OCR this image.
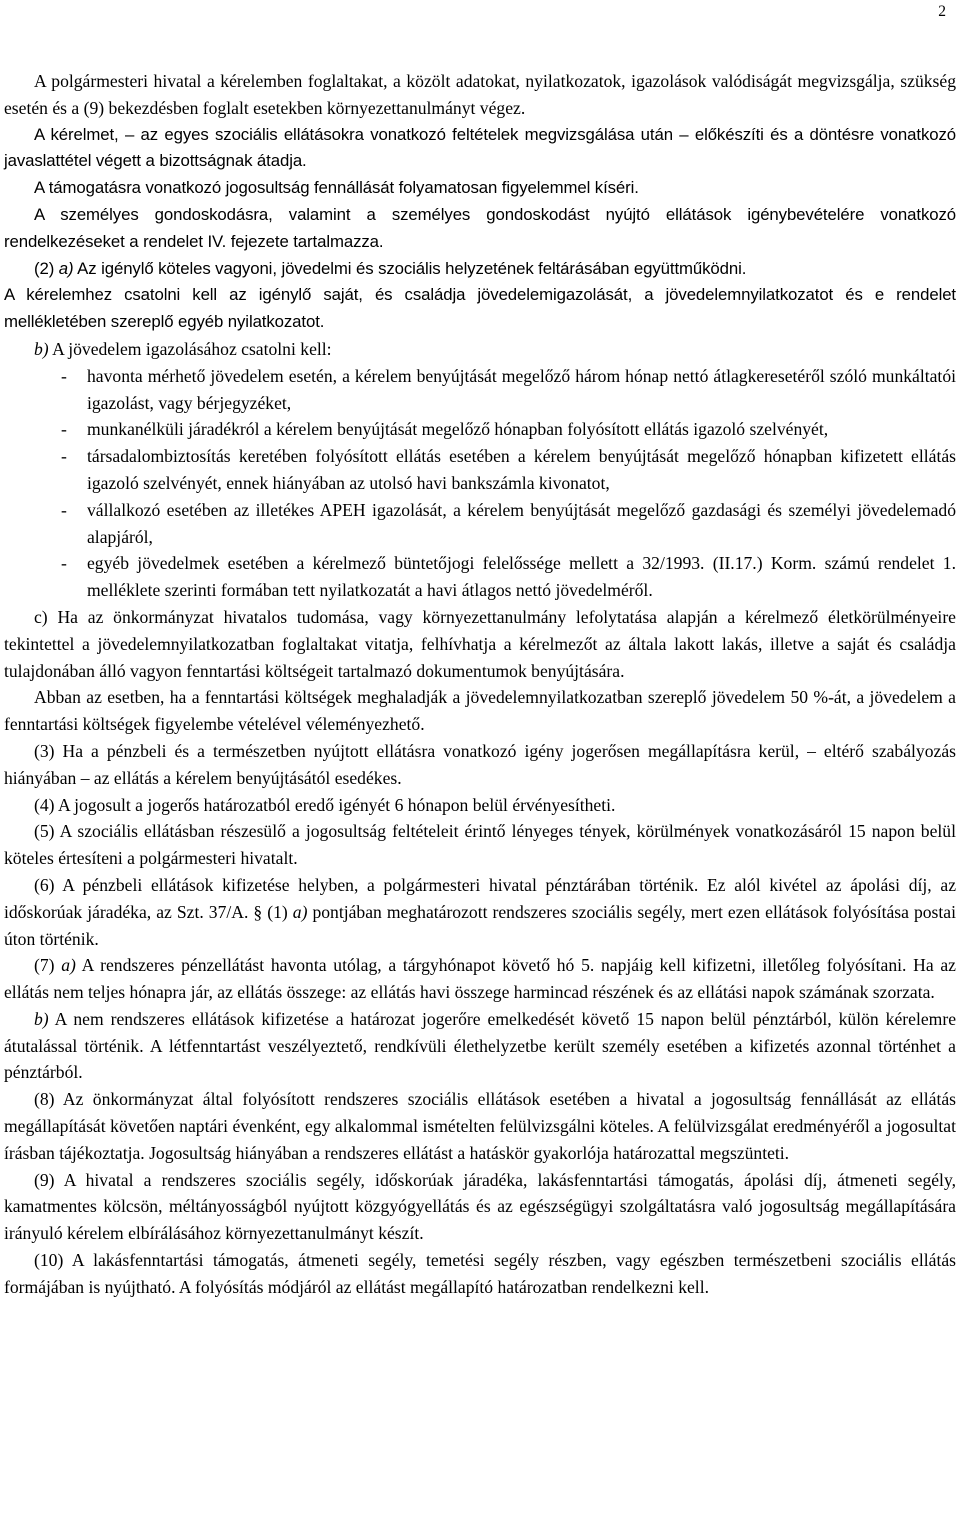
2

A polgármesteri hivatal a kérelemben foglaltakat, a közölt adatokat, nyilatkozatok, igazolások valódiságát megvizsgálja, szükség esetén és a (9) bekezdésben foglalt esetekben környezettanulmányt végez.

A kérelmet, – az egyes szociális ellátásokra vonatkozó feltételek megvizsgálása után – előkészíti és a döntésre vonatkozó javaslattétel végett a bizottságnak átadja.

A támogatásra vonatkozó jogosultság fennállását folyamatosan figyelemmel kíséri.

A személyes gondoskodásra, valamint a személyes gondoskodást nyújtó ellátások igénybevételére vonatkozó rendelkezéseket a rendelet IV. fejezete tartalmazza.

(2) a) Az igénylő köteles vagyoni, jövedelmi és szociális helyzetének feltárásában együttműködni.

A kérelemhez csatolni kell az igénylő saját, és családja jövedelemigazolását, a jövedelemnyilatkozatot és e rendelet mellékletében szereplő egyéb nyilatkozatot.

b) A jövedelem igazolásához csatolni kell:

- havonta mérhető jövedelem esetén, a kérelem benyújtását megelőző három hónap nettó átlagkeresetéről szóló munkáltatói igazolást, vagy bérjegyzéket,
- munkanélküli járadékról a kérelem benyújtását megelőző hónapban folyósított ellátás igazoló szelvényét,
- társadalombiztosítás keretében folyósított ellátás esetében a kérelem benyújtását megelőző hónapban kifizetett ellátás igazoló szelvényét, ennek hiányában az utolsó havi bankszámla kivonatot,
- vállalkozó esetében az illetékes APEH igazolását, a kérelem benyújtását megelőző gazdasági és személyi jövedelemadó alapjáról,
- egyéb jövedelmek esetében a kérelmező büntetőjogi felelőssége mellett a 32/1993. (II.17.) Korm. számú rendelet 1. melléklete szerinti formában tett nyilatkozatát a havi átlagos nettó jövedelméről.

c) Ha az önkormányzat hivatalos tudomása, vagy környezettanulmány lefolytatása alapján a kérelmező életkörülményeire tekintettel a jövedelemnyilatkozatban foglaltakat vitatja, felhívhatja a kérelmezőt az általa lakott lakás, illetve a saját és családja tulajdonában álló vagyon fenntartási költségeit tartalmazó dokumentumok benyújtására.

Abban az esetben, ha a fenntartási költségek meghaladják a jövedelemnyilatkozatban szereplő jövedelem 50 %-át, a jövedelem a fenntartási költségek figyelembe vételével véleményezhető.

(3) Ha a pénzbeli és a természetben nyújtott ellátásra vonatkozó igény jogerősen megállapításra kerül, – eltérő szabályozás hiányában – az ellátás a kérelem benyújtásától esedékes.

(4) A jogosult a jogerős határozatból eredő igényét 6 hónapon belül érvényesítheti.

(5) A szociális ellátásban részesülő a jogosultság feltételeit érintő lényeges tények, körülmények vonatkozásáról 15 napon belül köteles értesíteni a polgármesteri hivatalt.

(6) A pénzbeli ellátások kifizetése helyben, a polgármesteri hivatal pénztárában történik. Ez alól kivétel az ápolási díj, az időskorúak járadéka, az Szt. 37/A. § (1) a) pontjában meghatározott rendszeres szociális segély, mert ezen ellátások folyósítása postai úton történik.

(7) a) A rendszeres pénzellátást havonta utólag, a tárgyhónapot követő hó 5. napjáig kell kifizetni, illetőleg folyósítani. Ha az ellátás nem teljes hónapra jár, az ellátás összege: az ellátás havi összege harmincad részének és az ellátási napok számának szorzata.

b) A nem rendszeres ellátások kifizetése a határozat jogerőre emelkedését követő 15 napon belül pénztárból, külön kérelemre átutalással történik. A létfenntartást veszélyeztető, rendkívüli élethelyzetbe került személy esetében a kifizetés azonnal történhet a pénztárból.

(8) Az önkormányzat által folyósított rendszeres szociális ellátások esetében a hivatal a jogosultság fennállását az ellátás megállapítását követően naptári évenként, egy alkalommal ismételten felülvizsgálni köteles. A felülvizsgálat eredményéről a jogosultat írásban tájékoztatja. Jogosultság hiányában a rendszeres ellátást a hatáskör gyakorlója határozattal megszünteti.

(9) A hivatal a rendszeres szociális segély, időskorúak járadéka, lakásfenntartási támogatás, ápolási díj, átmeneti segély, kamatmentes kölcsön, méltányosságból nyújtott közgyógyellátás és az egészségügyi szolgáltatásra való jogosultság megállapítására irányuló kérelem elbírálásához környezettanulmányt készít.

(10) A lakásfenntartási támogatás, átmeneti segély, temetési segély részben, vagy egészben természetbeni szociális ellátás formájában is nyújtható. A folyósítás módjáról az ellátást megállapító határozatban rendelkezni kell.
